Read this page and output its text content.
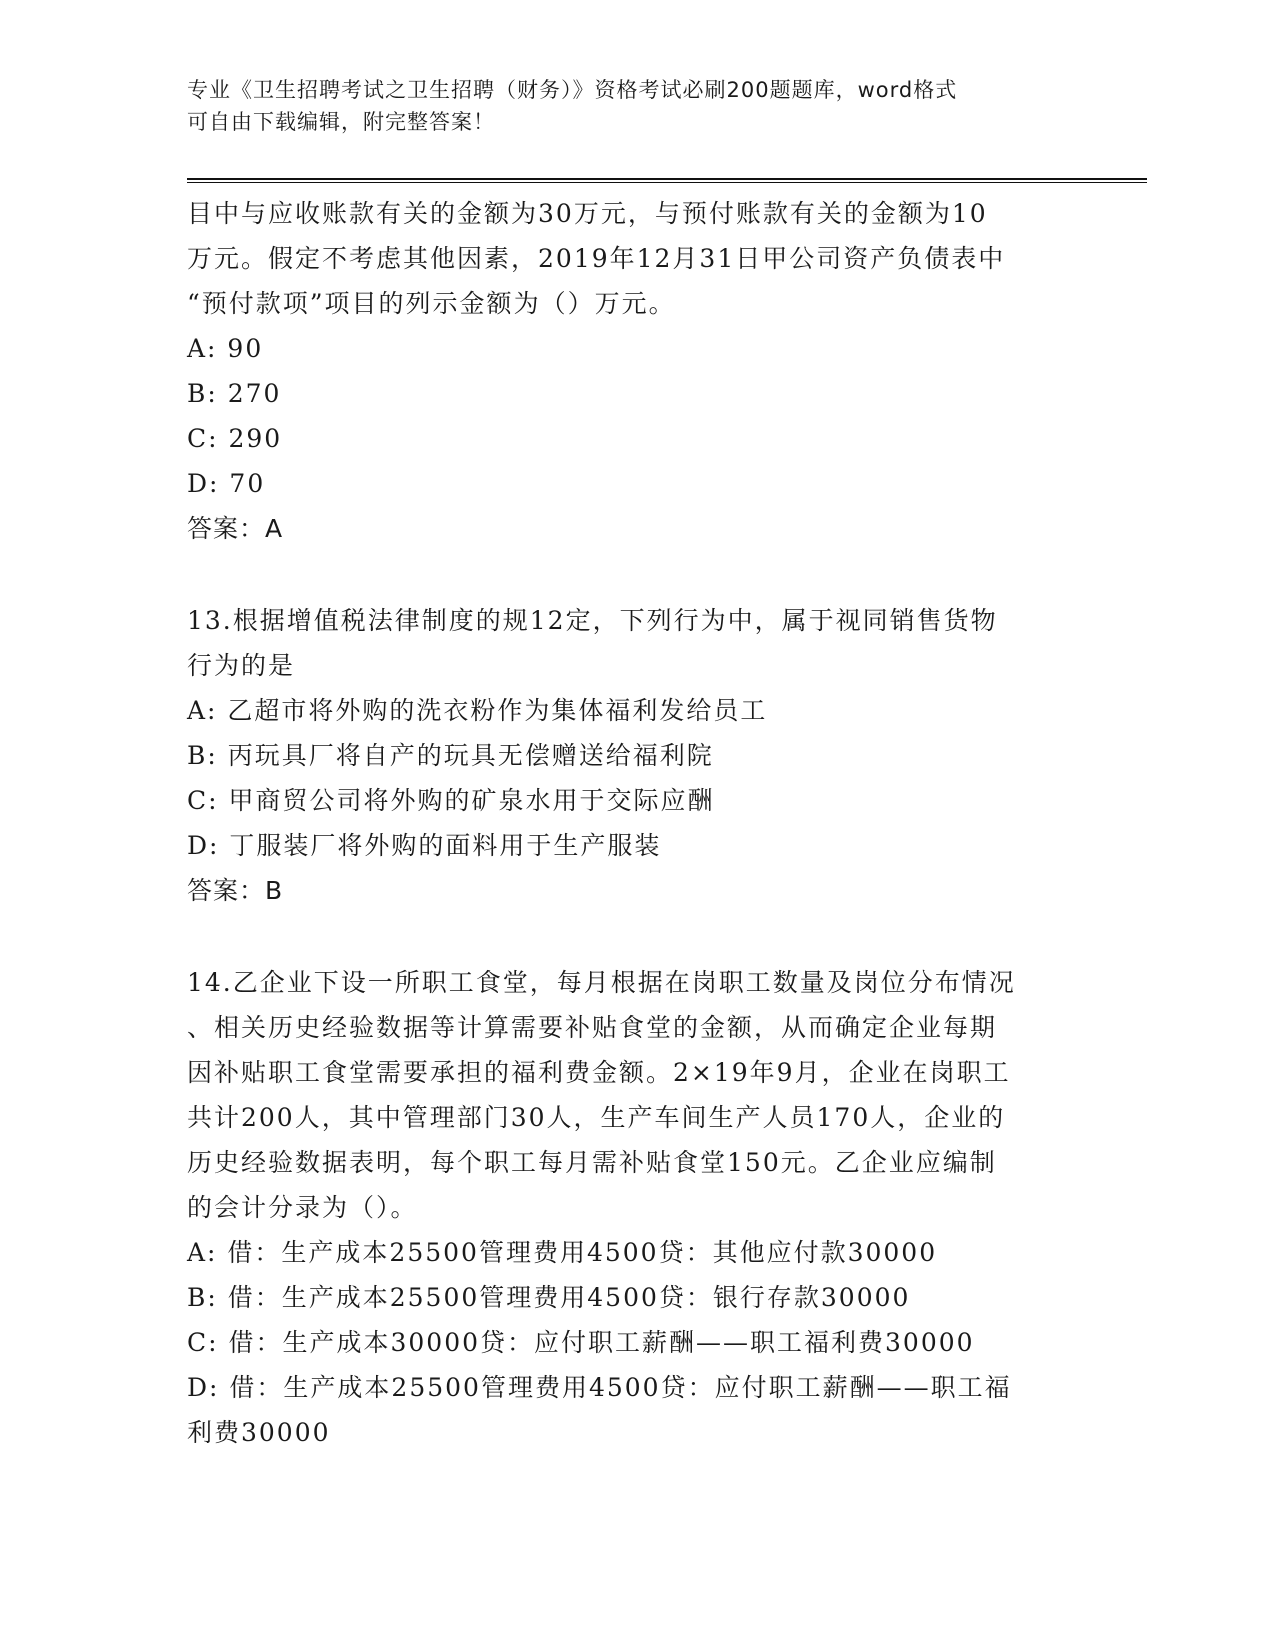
专业《卫生招聘考试之卫生招聘（财务）》资格考试必刷200题题库，word格式
可自由下载编辑，附完整答案！

目中与应收账款有关的金额为30万元，与预付账款有关的金额为10

万元。假定不考虑其他因素，2019年12月31日甲公司资产负债表中

“预付款项”项目的列示金额为（）万元。

A: 90

B: 270

C: 290

D: 70

答案：A

13.根据增值税法律制度的规12定，下列行为中，属于视同销售货物

行为的是

A: 乙超市将外购的洗衣粉作为集体福利发给员工

B: 丙玩具厂将自产的玩具无偿赠送给福利院

C: 甲商贸公司将外购的矿泉水用于交际应酬

D: 丁服装厂将外购的面料用于生产服装

答案：B

14.乙企业下设一所职工食堂，每月根据在岗职工数量及岗位分布情况

、相关历史经验数据等计算需要补贴食堂的金额，从而确定企业每期

因补贴职工食堂需要承担的福利费金额。2×19年9月，企业在岗职工

共计200人，其中管理部门30人，生产车间生产人员170人，企业的

历史经验数据表明，每个职工每月需补贴食堂150元。乙企业应编制

的会计分录为（）。

A: 借：生产成本25500管理费用4500贷：其他应付款30000

B: 借：生产成本25500管理费用4500贷：银行存款30000

C: 借：生产成本30000贷：应付职工薪酬——职工福利费30000

D: 借：生产成本25500管理费用4500贷：应付职工薪酬——职工福

利费30000
